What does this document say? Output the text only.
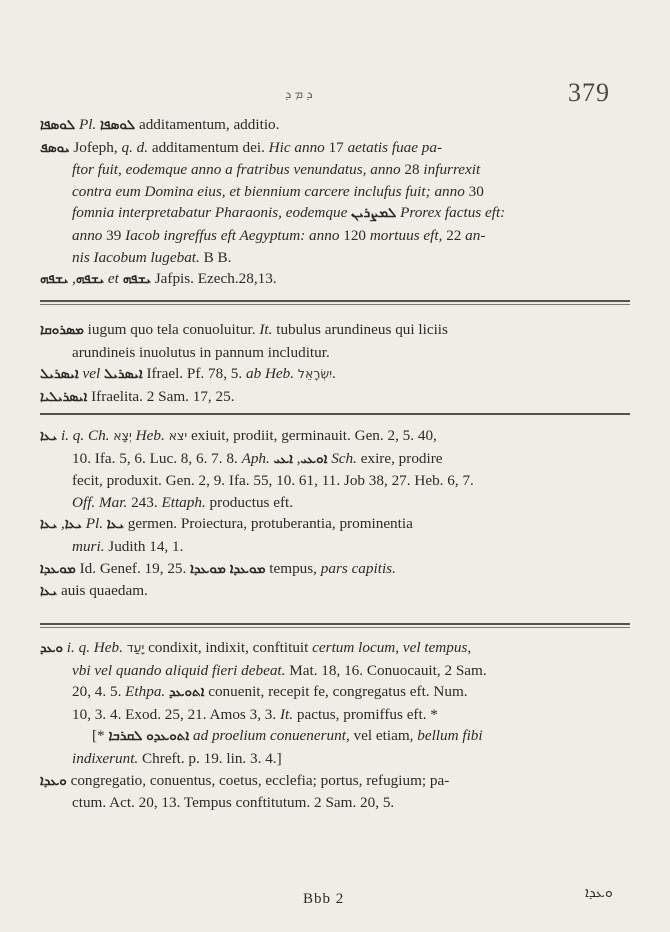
ܕ ܡ ܕ	379
ܠܘܣܦܐ Pl. ܠܘܣܦܐ additamentum, additio.
ܝܘܣܦ Jofeph, q. d. additamentum dei. Hic anno 17 aetatis fuae pa-
ftor fuit, eodemque anno a fratribus venundatus, anno 28 infurrexit
contra eum Domina eius, et biennium carcere inclufus fuit; anno 30
fomnia interpretabatur Pharaonis, eodemque ܠܡܨܪܝܢ Prorex factus eft:
anno 39 Iacob ingreffus eft Aegyptum: anno 120 mortuus eft, 22 an-
nis Iacobum lugebat. B B.
ܝܫܦܗ, ܝܫܦܗ	et ܝܫܦܗ Jafpis. Ezech.28,13.
ܡܣܪܘܩܐ iugum quo tela conuoluitur. It. tubulus arundineus qui liciis
arundineis inuolutus in pannum includitur.
ܐܝܣܪܝܠ vel ܐܝܣܪܝܠ Ifrael. Pf. 78, 5. ab Heb. יִשְׂרָאֵל.
ܐܝܣܪܝܠܝܐ Ifraelita. 2 Sam. 17, 25.
ܝܥܐ i. q. Ch. יְצָא Heb. יצא exiuit, prodiit, germinauit. Gen. 2, 5. 40,
10. Ifa. 5, 6. Luc. 8, 6. 7. 8. Aph. ܐܘܥܝ, ܐܥܝ	Sch. exire, prodire
fecit, produxit. Gen. 2, 9. Ifa. 55, 10. 61, 11. Job 38, 27. Heb. 6, 7.
Off. Mar. 243. Ettaph. productus eft.
ܝܥܐ, ܝܥܐ Pl. ܝܥܐ germen. Proiectura, protuberantia, prominentia
muri. Judith 14, 1.
ܡܘܥܕܐ Id. Genef. 19, 25.	ܡܘܥܕܐ ܡܘܥܕܐ	tempus, pars capitis.
ܝܥܐ auis quaedam.
ܘܥܕ i. q. Heb. יָעַד condixit, indixit, conftituit certum locum, vel tempus,
vbi vel quando aliquid fieri debeat. Mat. 18, 16. Conuocauit, 2 Sam.
20, 4. 5. Ethpa. ܐܬܘܥܕ conuenit, recepit fe, congregatus eft. Num.
10, 3. 4. Exod. 25, 21. Amos 3, 3. It. pactus, promiffus eft. *
[*	ܐܬܘܥܕܘ ܠܩܪܒܐ	ad proelium conuenerunt, vel etiam, bellum fibi
indixerunt. Chreft. p. 19. lin. 3. 4.]
ܘܥܕܐ congregatio, conuentus, coetus, ecclefia; portus, refugium; pa-
ctum. Act. 20, 13. Tempus conftitutum. 2 Sam. 20, 5.
Bbb 2	ܘܥܕܐ
